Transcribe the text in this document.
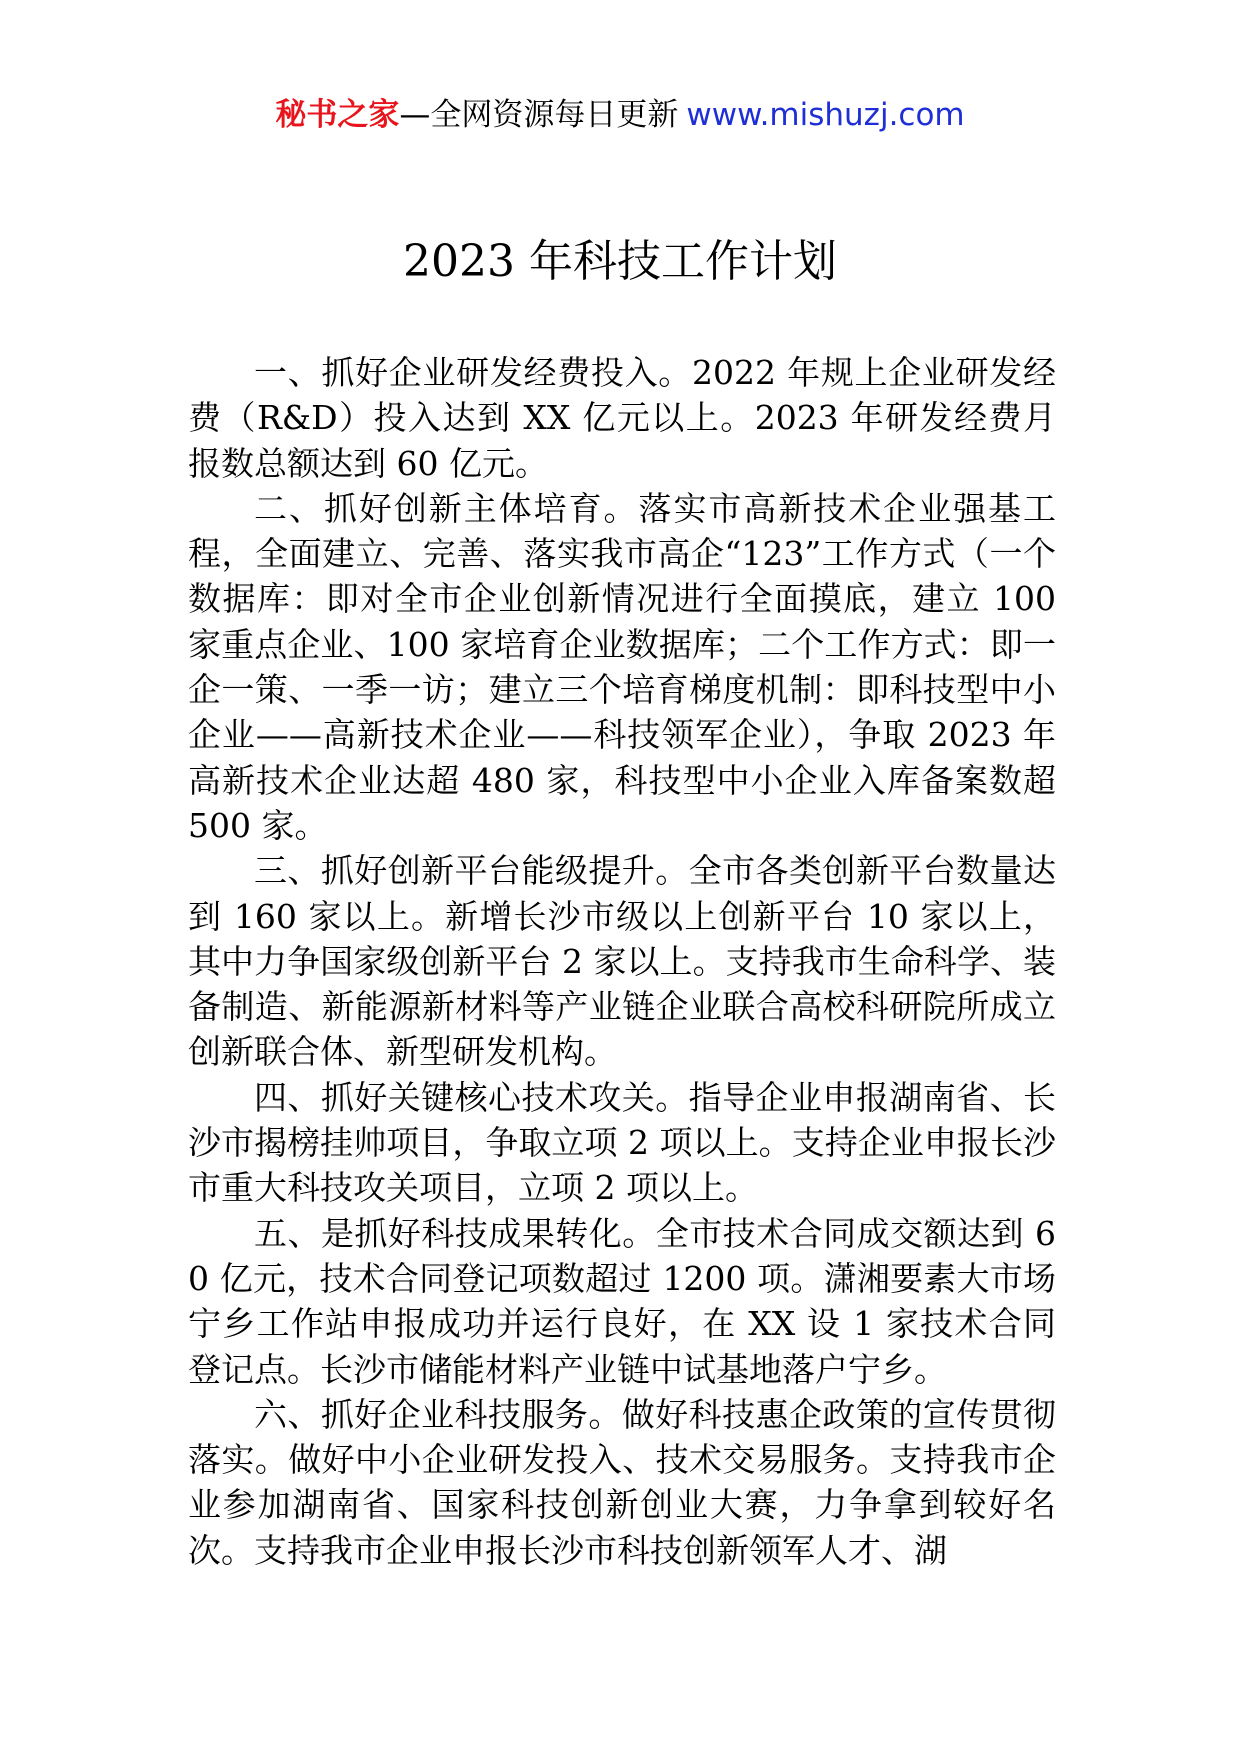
秘书之家—全网资源每日更新 www.mishuzj.com
2023 年科技工作计划

一、抓好企业研发经费投入。2022 年规上企业研发经费（R&D）投入达到 XX 亿元以上。2023 年研发经费月报数总额达到 60 亿元。

二、抓好创新主体培育。落实市高新技术企业强基工程，全面建立、完善、落实我市高企“123”工作方式（一个数据库：即对全市企业创新情况进行全面摸底，建立 100 家重点企业、100 家培育企业数据库；二个工作方式：即一企一策、一季一访；建立三个培育梯度机制：即科技型中小企业——高新技术企业——科技领军企业），争取 2023 年高新技术企业达超 480 家，科技型中小企业入库备案数超 500 家。

三、抓好创新平台能级提升。全市各类创新平台数量达到 160 家以上。新增长沙市级以上创新平台 10 家以上，其中力争国家级创新平台 2 家以上。支持我市生命科学、装备制造、新能源新材料等产业链企业联合高校科研院所成立创新联合体、新型研发机构。

四、抓好关键核心技术攻关。指导企业申报湖南省、长沙市揭榜挂帅项目，争取立项 2 项以上。支持企业申报长沙市重大科技攻关项目，立项 2 项以上。

五、是抓好科技成果转化。全市技术合同成交额达到 60 亿元，技术合同登记项数超过 1200 项。潇湘要素大市场宁乡工作站申报成功并运行良好，在 XX 设 1 家技术合同登记点。长沙市储能材料产业链中试基地落户宁乡。

六、抓好企业科技服务。做好科技惠企政策的宣传贯彻落实。做好中小企业研发投入、技术交易服务。支持我市企业参加湖南省、国家科技创新创业大赛，力争拿到较好名次。支持我市企业申报长沙市科技创新领军人才、湖
